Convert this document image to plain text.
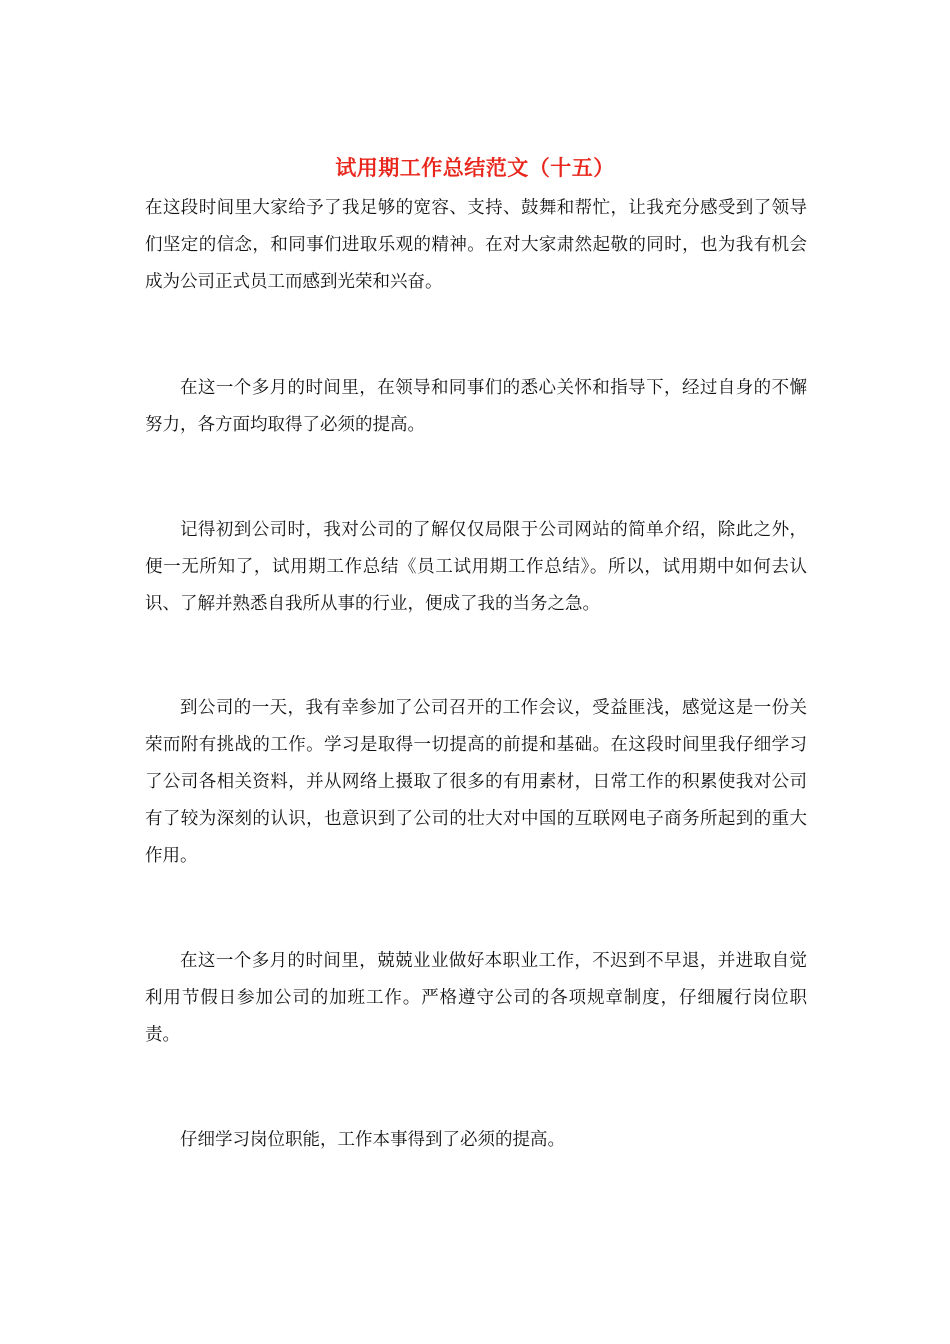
试用期工作总结范文（十五）

在这段时间里大家给予了我足够的宽容、支持、鼓舞和帮忙，让我充分感受到了领导们坚定的信念，和同事们进取乐观的精神。在对大家肃然起敬的同时，也为我有机会成为公司正式员工而感到光荣和兴奋。

在这一个多月的时间里，在领导和同事们的悉心关怀和指导下，经过自身的不懈努力，各方面均取得了必须的提高。

记得初到公司时，我对公司的了解仅仅局限于公司网站的简单介绍，除此之外，便一无所知了，试用期工作总结《员工试用期工作总结》。所以，试用期中如何去认识、了解并熟悉自我所从事的行业，便成了我的当务之急。

到公司的一天，我有幸参加了公司召开的工作会议，受益匪浅，感觉这是一份关荣而附有挑战的工作。学习是取得一切提高的前提和基础。在这段时间里我仔细学习了公司各相关资料，并从网络上摄取了很多的有用素材，日常工作的积累使我对公司有了较为深刻的认识，也意识到了公司的壮大对中国的互联网电子商务所起到的重大作用。

在这一个多月的时间里，兢兢业业做好本职业工作，不迟到不早退，并进取自觉利用节假日参加公司的加班工作。严格遵守公司的各项规章制度，仔细履行岗位职责。

仔细学习岗位职能，工作本事得到了必须的提高。
